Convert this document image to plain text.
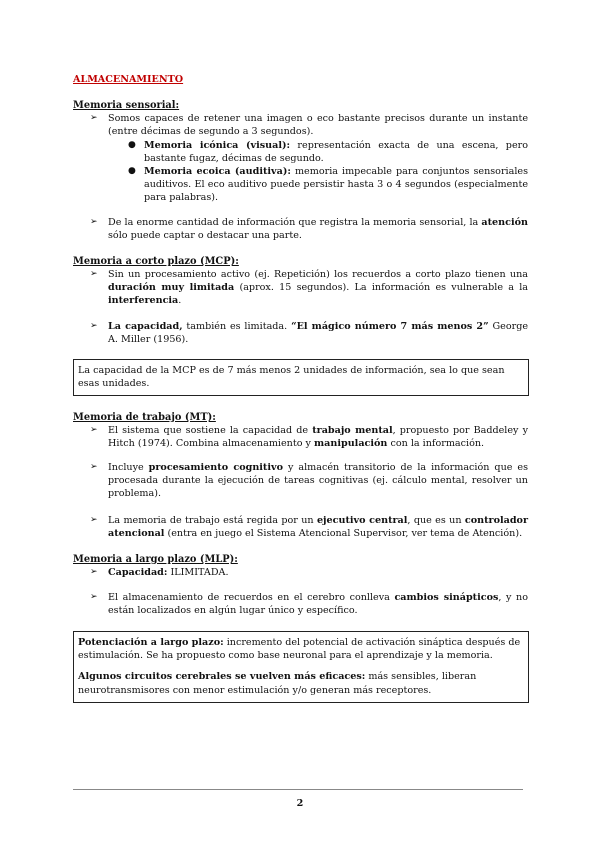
ALMACENAMIENTO
Memoria sensorial:
➢ Somos capaces de retener una imagen o eco bastante precisos durante un instante (entre décimas de segundo a 3 segundos).
● Memoria icónica (visual): representación exacta de una escena, pero bastante fugaz, décimas de segundo.
● Memoria ecoica (auditiva): memoria impecable para conjuntos sensoriales auditivos. El eco auditivo puede persistir hasta 3 o 4 segundos (especialmente para palabras).
➢ De la enorme cantidad de información que registra la memoria sensorial, la atención sólo puede captar o destacar una parte.
Memoria a corto plazo (MCP):
➢ Sin un procesamiento activo (ej. Repetición) los recuerdos a corto plazo tienen una duración muy limitada (aprox. 15 segundos). La información es vulnerable a la interferencia.
➢ La capacidad, también es limitada. “El mágico número 7 más menos 2” George A. Miller (1956).
La capacidad de la MCP es de 7 más menos 2 unidades de información, sea lo que sean esas unidades.
Memoria de trabajo (MT):
➢ El sistema que sostiene la capacidad de trabajo mental, propuesto por Baddeley y Hitch (1974). Combina almacenamiento y manipulación con la información.
➢ Incluye procesamiento cognitivo y almacén transitorio de la información que es procesada durante la ejecución de tareas cognitivas (ej. cálculo mental, resolver un problema).
➢ La memoria de trabajo está regida por un ejecutivo central, que es un controlador atencional (entra en juego el Sistema Atencional Supervisor, ver tema de Atención).
Memoria a largo plazo (MLP):
➢ Capacidad: ILIMITADA.
➢ El almacenamiento de recuerdos en el cerebro conlleva cambios sinápticos, y no están localizados en algún lugar único y específico.
Potenciación a largo plazo: incremento del potencial de activación sináptica después de estimulación. Se ha propuesto como base neuronal para el aprendizaje y la memoria.
Algunos circuitos cerebrales se vuelven más eficaces: más sensibles, liberan neurotransmisores con menor estimulación y/o generan más receptores.
2
